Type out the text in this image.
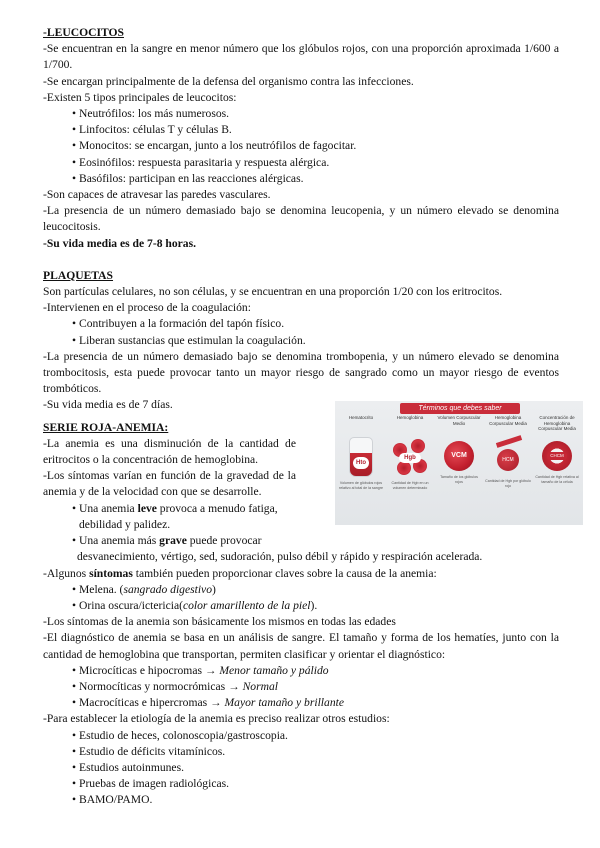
-LEUCOCITOS

-Se encuentran en la sangre en menor número que los glóbulos rojos, con una proporción aproximada 1/600 a 1/700.

-Se encargan principalmente de la defensa del organismo contra las infecciones.

-Existen 5 tipos principales de leucocitos:

• Neutrófilos: los más numerosos.
• Linfocitos: células T y células B.
• Monocitos: se encargan, junto a los neutrófilos de fagocitar.
• Eosinófilos: respuesta parasitaria y respuesta alérgica.
• Basófilos: participan en las reacciones alérgicas.

-Son capaces de atravesar las paredes vasculares.

-La presencia de un número demasiado bajo se denomina leucopenia, y un número elevado se denomina leucocitosis.

-Su vida media es de 7-8 horas.

PLAQUETAS

Son partículas celulares, no son células, y se encuentran en una proporción 1/20 con los eritrocitos.

-Intervienen en el proceso de la coagulación:

• Contribuyen a la formación del tapón físico.
• Liberan sustancias que estimulan la coagulación.

-La presencia de un número demasiado bajo se denomina trombopenia, y un número elevado se denomina trombocitosis, esta puede provocar tanto un mayor riesgo de sangrado como un mayor riesgo de eventos trombóticos.

-Su vida media es de 7 días.

SERIE ROJA-ANEMIA:

-La anemia es una disminución de la cantidad de eritrocitos o la concentración de hemoglobina.

-Los síntomas varían en función de la gravedad de la anemia y de la velocidad con que se desarrolle.

• Una anemia leve provoca a menudo fatiga, debilidad y palidez.
• Una anemia más grave puede provocar

desvanecimiento, vértigo, sed, sudoración, pulso débil y rápido y respiración acelerada.

-Algunos síntomas también pueden proporcionar claves sobre la causa de la anemia:

• Melena. (sangrado digestivo)
• Orina oscura/ictericia(color amarillento de la piel).

-Los síntomas de la anemia son básicamente los mismos en todas las edades

-El diagnóstico de anemia se basa en un análisis de sangre. El tamaño y forma de los hematíes, junto con la cantidad de hemoglobina que transportan, permiten clasificar y orientar el diagnóstico:

• Microcíticas e hipocromas → Menor tamaño y pálido
• Normocíticas y normocrómicas → Normal
• Macrocíticas e hipercromas → Mayor tamaño y brillante

-Para establecer la etiología de la anemia es preciso realizar otros estudios:

• Estudio de heces, colonoscopia/gastroscopia.
• Estudio de déficits vitamínicos.
• Estudios autoinmunes.
• Pruebas de imagen radiológicas.
• BAMO/PAMO.
Términos que debes saber
Hematocrito
Hto
Volumen de glóbulos rojos relativo al total de la sangre
Hemoglobina
Hgb
Cantidad de Hgb en un volumen determinado
Volumen Corpuscular Medio
VCM
Tamaño de los glóbulos rojos
Hemoglobina Corpuscular Media
HCM
Cantidad de Hgb por glóbulo rojo
Concentración de Hemoglobina Corpuscular Media
CHCM
Cantidad de Hgb relativa al tamaño de la célula
